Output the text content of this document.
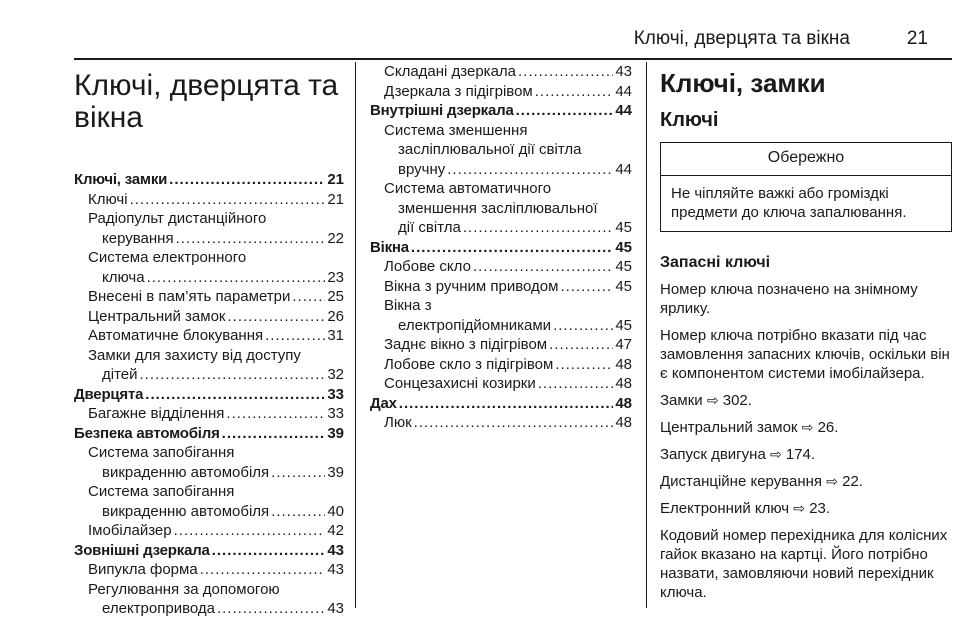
Ключі, дверцята та вікна	21
Ключі, дверцята та
вікна
Ключі, замки .....	21
Ключі .....	21
Радіопульт дистанційного
керування .....	22
Система електронного
ключа .....	23
Внесені в пам’ять параметри ..... 25
Центральний замок .....	26
Автоматичне блокування .....	31
Замки для захисту від доступу
дітей .....	32
Дверцята .....	33
Багажне відділення .....	33
Безпека автомобіля .....	39
Система запобігання
викраденню автомобіля .....	39
Система запобігання
викраденню автомобіля .....	40
Імобілайзер .....	42
Зовнішні дзеркала .....	43
Випукла форма .....	43
Регулювання за допомогою
електропривода .....	43
Складані дзеркала .....	43
Дзеркала з підігрівом .....	44
Внутрішні дзеркала .....	44
Система зменшення
засліплювальної дії світла
вручну .....	44
Система автоматичного
зменшення засліплювальної
дії світла .....	45
Вікна .....	45
Лобове скло .....	45
Вікна з ручним приводом .....	45
Вікна з
електропідйомниками .....	45
Заднє вікно з підігрівом .....	47
Лобове скло з підігрівом .....	48
Сонцезахисні козирки .....	48
Дах .....	48
Люк .....	48
Ключі, замки
Ключі
Обережно
Не чіпляйте важкі або громіздкі предмети до ключа запалювання.
Запасні ключі

Номер ключа позначено на знімному ярлику.

Номер ключа потрібно вказати під час замовлення запасних ключів, оскільки він є компонентом системи імобілайзера.

Замки ⇨ 302.

Центральний замок ⇨ 26.

Запуск двигуна ⇨ 174.

Дистанційне керування ⇨ 22.

Електронний ключ ⇨ 23.

Кодовий номер перехідника для колісних гайок вказано на картці. Його потрібно назвати, замовляючи новий перехідник ключа.
